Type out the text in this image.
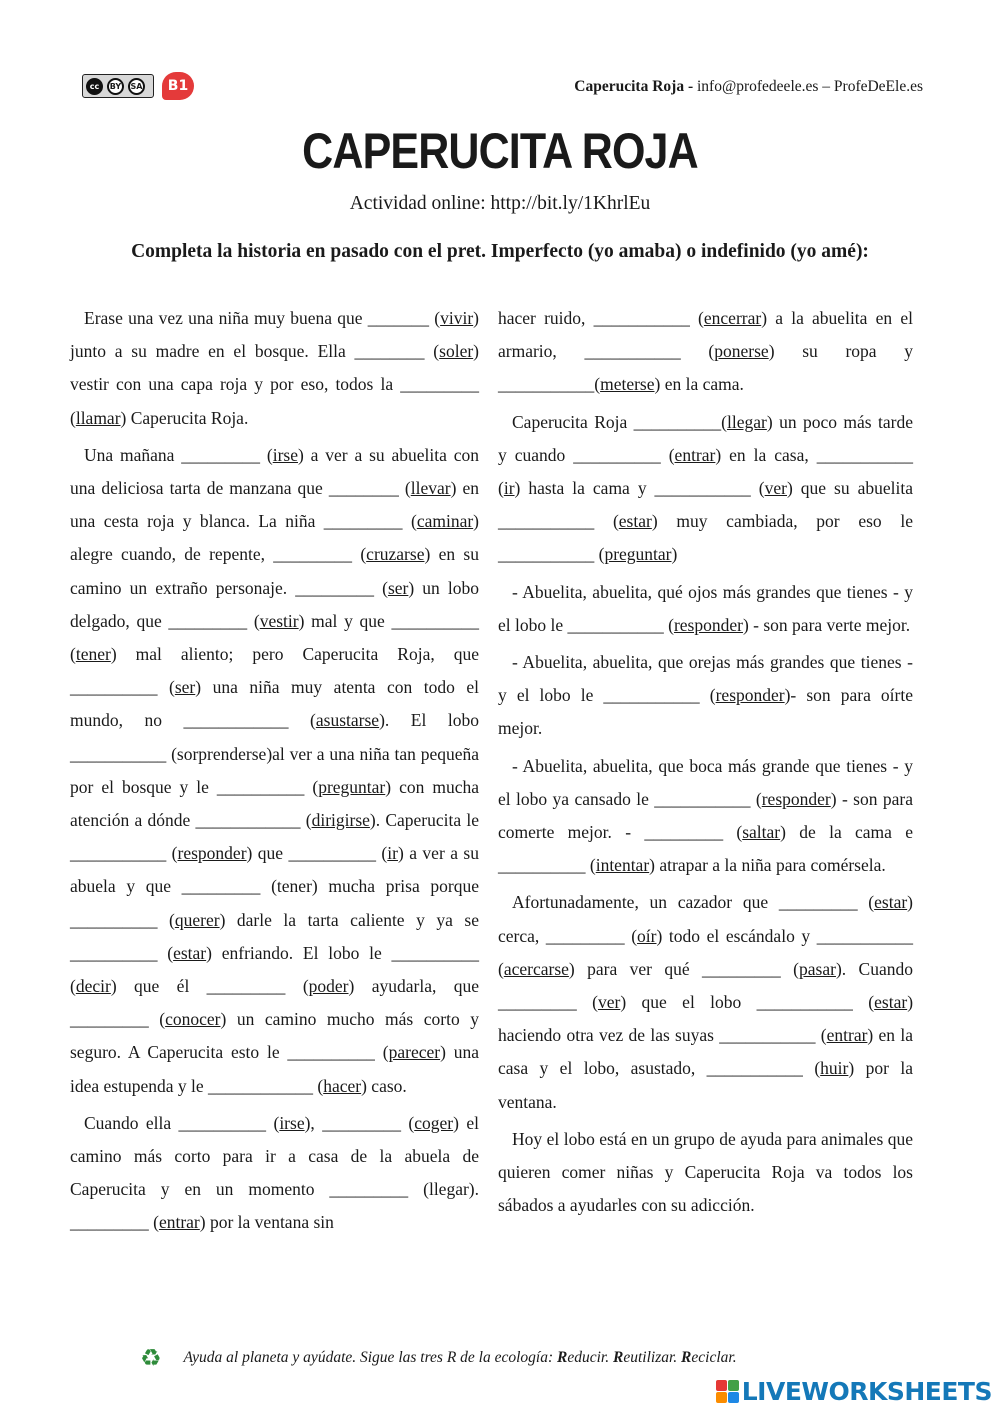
cc	BY	SA	B1	Caperucita Roja - info@profedeele.es – ProfeDeEle.es
CAPERUCITA ROJA
Actividad online: http://bit.ly/1KhrlEu
Completa la historia en pasado con el pret. Imperfecto (yo amaba) o indefinido (yo amé):

Erase una vez una niña muy buena que _______ (vivir) junto a su madre en el bosque. Ella ________ (soler) vestir con una capa roja y por eso, todos la _________ (llamar) Caperucita Roja.

Una mañana _________ (irse) a ver a su abuelita con una deliciosa tarta de manzana que ________ (llevar) en una cesta roja y blanca. La niña _________ (caminar) alegre cuando, de repente, _________ (cruzarse) en su camino un extraño personaje. _________ (ser) un lobo delgado, que _________ (vestir) mal y que __________ (tener) mal aliento; pero Caperucita Roja, que __________ (ser) una niña muy atenta con todo el mundo, no ____________ (asustarse). El lobo ___________ (sorprenderse)al ver a una niña tan pequeña por el bosque y le __________ (preguntar) con mucha atención a dónde ____________ (dirigirse). Caperucita le ___________ (responder) que __________ (ir) a ver a su abuela y que _________ (tener) mucha prisa porque __________ (querer) darle la tarta caliente y ya se __________ (estar) enfriando. El lobo le __________ (decir) que él _________ (poder) ayudarla, que _________ (conocer) un camino mucho más corto y seguro. A Caperucita esto le __________ (parecer) una idea estupenda y le ____________ (hacer) caso.

Cuando ella __________ (irse), _________ (coger) el camino más corto para ir a casa de la abuela de Caperucita y en un momento _________ (llegar). _________ (entrar) por la ventana sin

hacer ruido, ___________ (encerrar) a la abuelita en el armario, ___________ (ponerse) su ropa y ___________(meterse) en la cama.

Caperucita Roja __________(llegar) un poco más tarde y cuando __________ (entrar) en la casa, ___________ (ir) hasta la cama y ___________ (ver) que su abuelita ___________ (estar) muy cambiada, por eso le ___________ (preguntar)

- Abuelita, abuelita, qué ojos más grandes que tienes - y el lobo le ___________ (responder) - son para verte mejor.

- Abuelita, abuelita, que orejas más grandes que tienes - y el lobo le ___________ (responder)- son para oírte mejor.

- Abuelita, abuelita, que boca más grande que tienes - y el lobo ya cansado le ___________ (responder) - son para comerte mejor. - _________ (saltar) de la cama e __________ (intentar) atrapar a la niña para comérsela.

Afortunadamente, un cazador que _________ (estar) cerca, _________ (oír) todo el escándalo y ___________ (acercarse) para ver qué _________ (pasar). Cuando _________ (ver) que el lobo ___________ (estar) haciendo otra vez de las suyas ___________ (entrar) en la casa y el lobo, asustado, ___________ (huir) por la ventana.

Hoy el lobo está en un grupo de ayuda para animales que quieren comer niñas y Caperucita Roja va todos los sábados a ayudarles con su adicción.

♻ Ayuda al planeta y ayúdate. Sigue las tres R de la ecología: Reducir. Reutilizar. Reciclar.
LIVEWORKSHEETS
